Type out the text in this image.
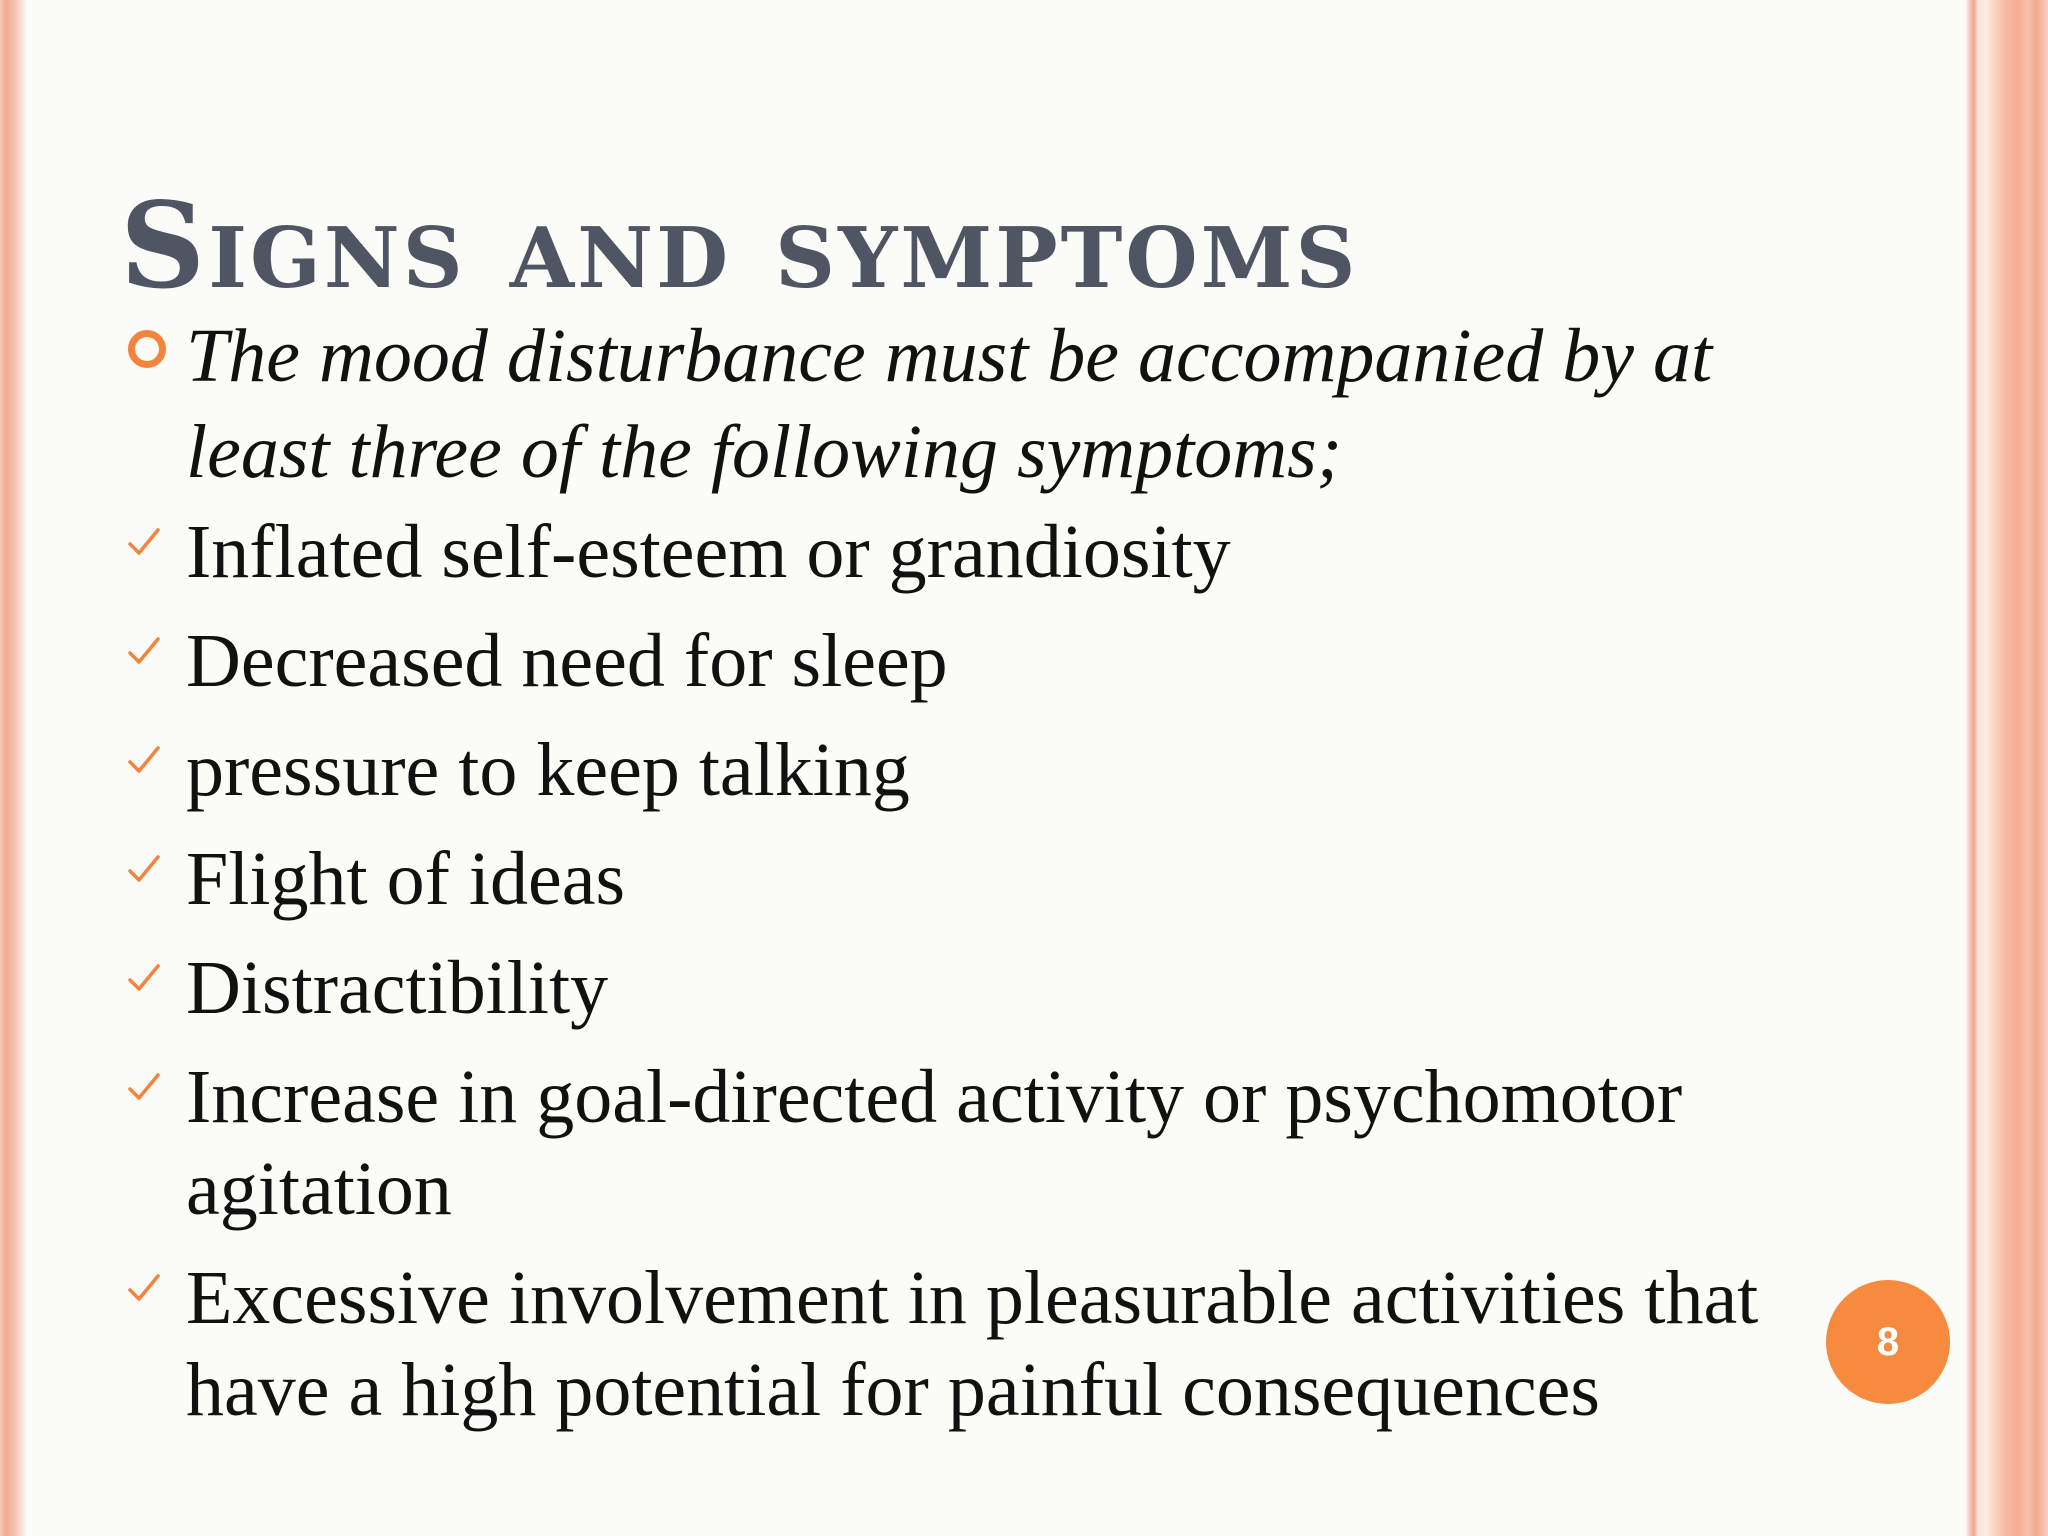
Signs and symptoms
The mood disturbance must be accompanied by at least three of the following symptoms;
Inflated self-esteem or grandiosity
Decreased need for sleep
pressure to keep talking
Flight of ideas
Distractibility
Increase in goal-directed activity or psychomotor agitation
Excessive involvement in pleasurable activities that have a high potential for painful consequences
8
